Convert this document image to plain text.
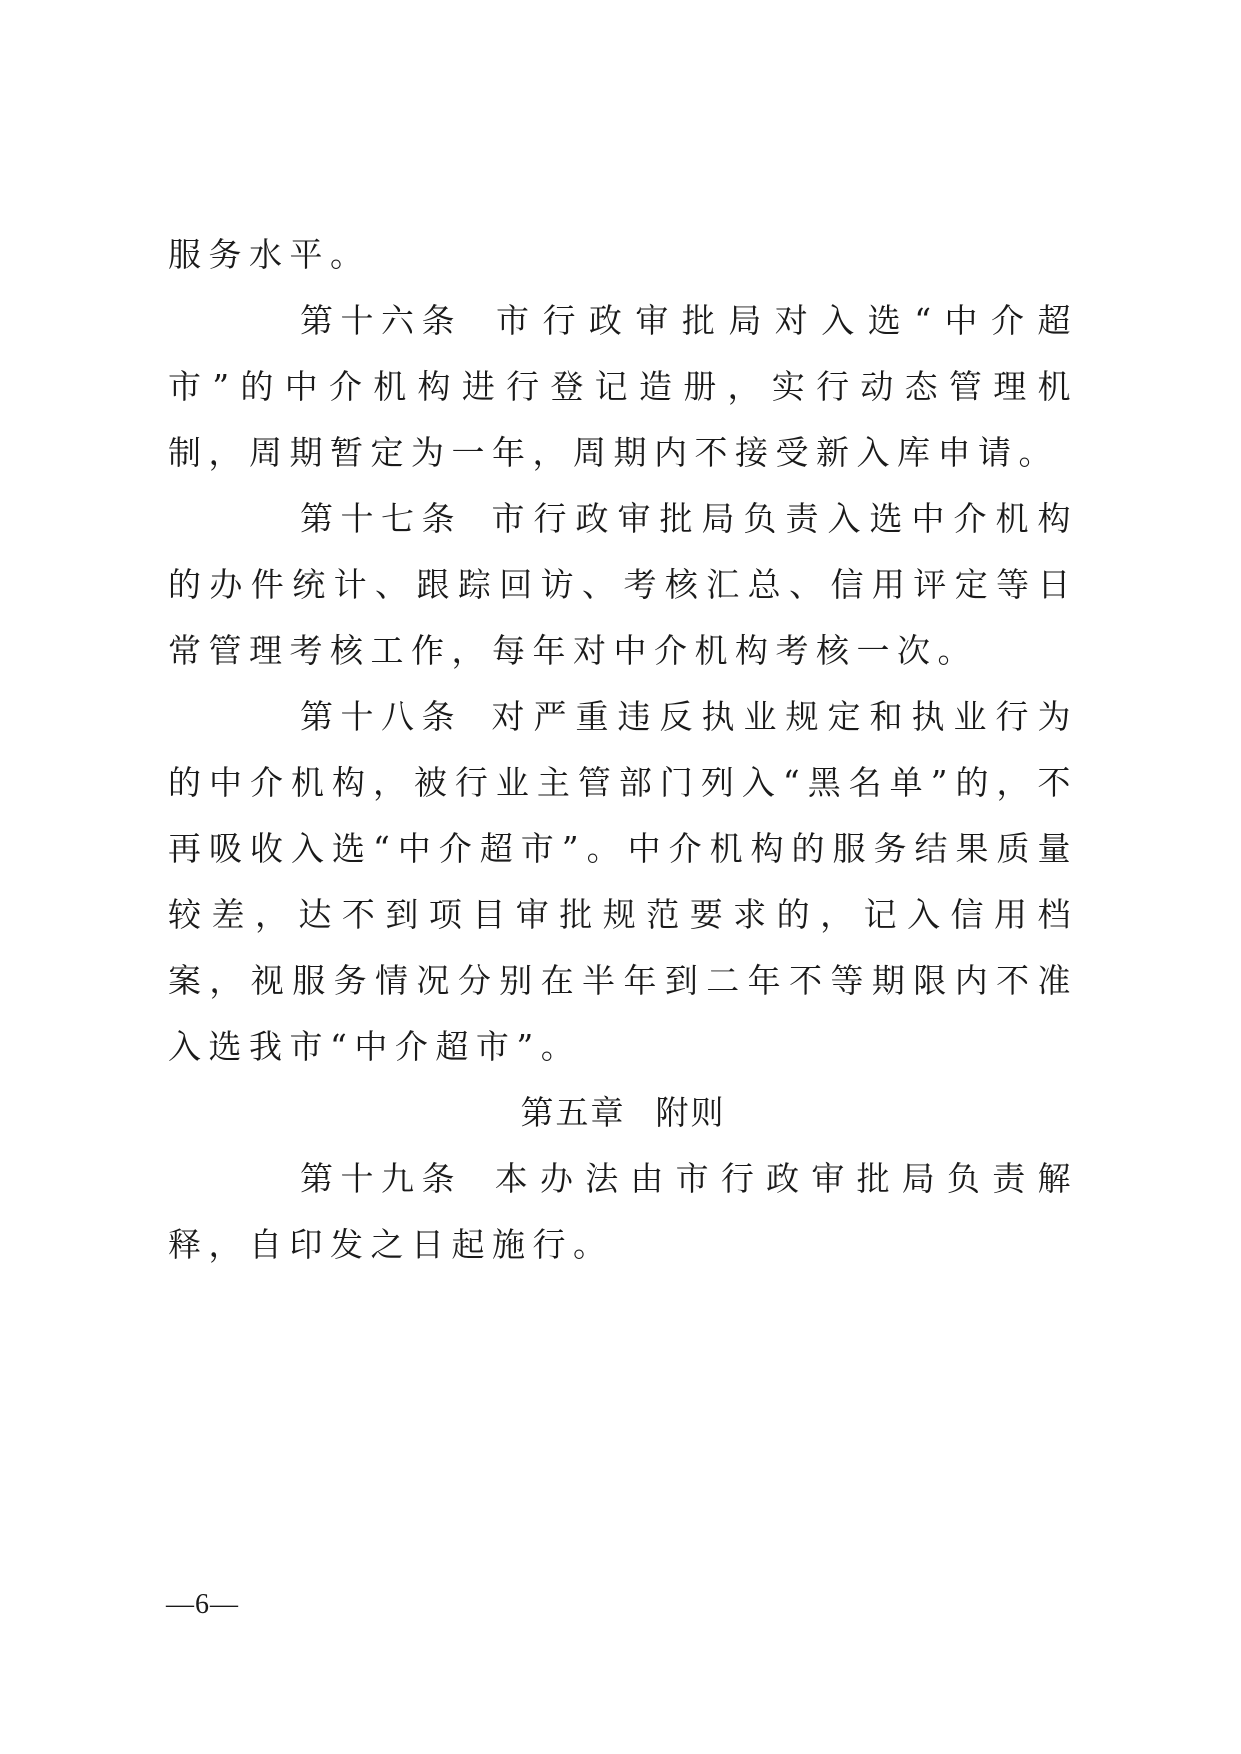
服务水平。

第十六条 市行政审批局对入选“中介超市”的中介机构进行登记造册，实行动态管理机制，周期暂定为一年，周期内不接受新入库申请。

第十七条 市行政审批局负责入选中介机构的办件统计、跟踪回访、考核汇总、信用评定等日常管理考核工作，每年对中介机构考核一次。

第十八条 对严重违反执业规定和执业行为的中介机构，被行业主管部门列入“黑名单”的，不再吸收入选“中介超市”。中介机构的服务结果质量较差，达不到项目审批规范要求的，记入信用档案，视服务情况分别在半年到二年不等期限内不准入选我市“中介超市”。

第五章 附则

第十九条 本办法由市行政审批局负责解释，自印发之日起施行。

—6—
